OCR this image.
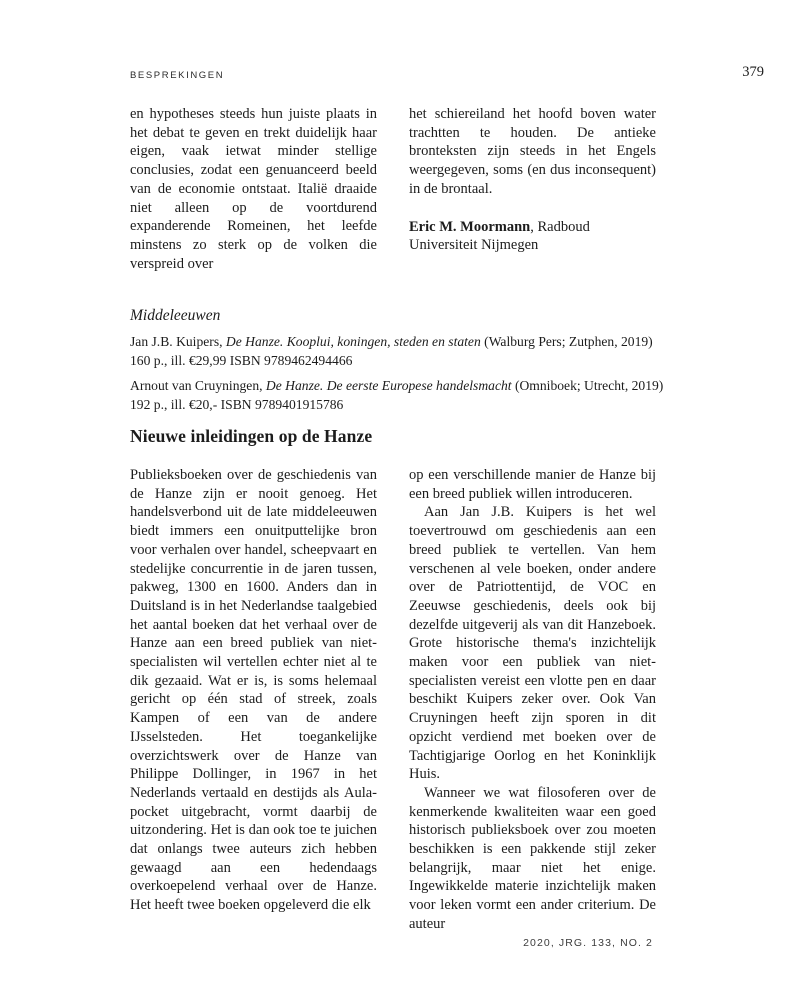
BESPREKINGEN	379

en hypotheses steeds hun juiste plaats in het debat te geven en trekt duidelijk haar eigen, vaak ietwat minder stellige conclusies, zodat een genuanceerd beeld van de economie ontstaat. Italië draaide niet alleen op de voortdurend expanderende Romeinen, het leefde minstens zo sterk op de volken die verspreid over

het schiereiland het hoofd boven water trachtten te houden. De antieke bronteksten zijn steeds in het Engels weergegeven, soms (en dus inconsequent) in de brontaal.

Eric M. Moormann, Radboud Universiteit Nijmegen

Middeleeuwen

Jan J.B. Kuipers, De Hanze. Kooplui, koningen, steden en staten (Walburg Pers; Zutphen, 2019) 160 p., ill. €29,99 ISBN 9789462494466

Arnout van Cruyningen, De Hanze. De eerste Europese handelsmacht (Omniboek; Utrecht, 2019) 192 p., ill. €20,- ISBN 9789401915786

Nieuwe inleidingen op de Hanze

Publieksboeken over de geschiedenis van de Hanze zijn er nooit genoeg. Het handelsverbond uit de late middeleeuwen biedt immers een onuitputtelijke bron voor verhalen over handel, scheepvaart en stedelijke concurrentie in de jaren tussen, pakweg, 1300 en 1600. Anders dan in Duitsland is in het Nederlandse taalgebied het aantal boeken dat het verhaal over de Hanze aan een breed publiek van niet-specialisten wil vertellen echter niet al te dik gezaaid. Wat er is, is soms helemaal gericht op één stad of streek, zoals Kampen of een van de andere IJsselsteden. Het toegankelijke overzichtswerk over de Hanze van Philippe Dollinger, in 1967 in het Nederlands vertaald en destijds als Aula-pocket uitgebracht, vormt daarbij de uitzondering. Het is dan ook toe te juichen dat onlangs twee auteurs zich hebben gewaagd aan een hedendaags overkoepelend verhaal over de Hanze. Het heeft twee boeken opgeleverd die elk

op een verschillende manier de Hanze bij een breed publiek willen introduceren.

Aan Jan J.B. Kuipers is het wel toevertrouwd om geschiedenis aan een breed publiek te vertellen. Van hem verschenen al vele boeken, onder andere over de Patriottentijd, de VOC en Zeeuwse geschiedenis, deels ook bij dezelfde uitgeverij als van dit Hanzeboek. Grote historische thema's inzichtelijk maken voor een publiek van niet-specialisten vereist een vlotte pen en daar beschikt Kuipers zeker over. Ook Van Cruyningen heeft zijn sporen in dit opzicht verdiend met boeken over de Tachtigjarige Oorlog en het Koninklijk Huis.

Wanneer we wat filosoferen over de kenmerkende kwaliteiten waar een goed historisch publieksboek over zou moeten beschikken is een pakkende stijl zeker belangrijk, maar niet het enige. Ingewikkelde materie inzichtelijk maken voor leken vormt een ander criterium. De auteur

2020, JRG. 133, NO. 2
